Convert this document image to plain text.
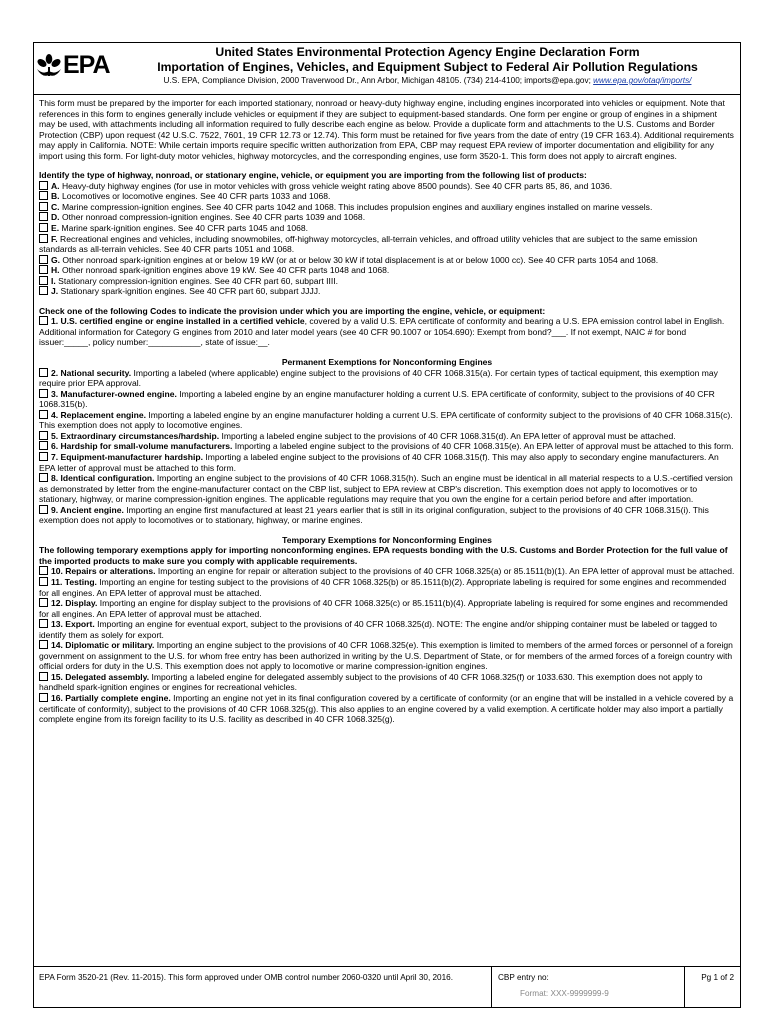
EPA	United States Environmental Protection Agency Engine Declaration Form
Importation of Engines, Vehicles, and Equipment Subject to Federal Air Pollution Regulations
U.S. EPA, Compliance Division, 2000 Traverwood Dr., Ann Arbor, Michigan 48105. (734) 214-4100; imports@epa.gov; www.epa.gov/otaq/imports/

This form must be prepared by the importer for each imported stationary, nonroad or heavy-duty highway engine, including engines incorporated into vehicles or equipment. Note that references in this form to engines generally include vehicles or equipment if they are subject to equipment-based standards. One form per engine or group of engines in a shipment may be used, with attachments including all information required to fully describe each engine as below. Provide a duplicate form and attachments to the U.S. Customs and Border Protection (CBP) upon request (42 U.S.C. 7522, 7601, 19 CFR 12.73 or 12.74). This form must be retained for five years from the date of entry (19 CFR 163.4). Additional requirements may apply in California. NOTE: While certain imports require specific written authorization from EPA, CBP may request EPA review of importer documentation and eligibility for any import using this form. For light-duty motor vehicles, highway motorcycles, and the corresponding engines, use form 3520-1. This form does not apply to aircraft engines.

Identify the type of highway, nonroad, or stationary engine, vehicle, or equipment you are importing from the following list of products:

A. Heavy-duty highway engines (for use in motor vehicles with gross vehicle weight rating above 8500 pounds). See 40 CFR parts 85, 86, and 1036.

B. Locomotives or locomotive engines. See 40 CFR parts 1033 and 1068.

C. Marine compression-ignition engines. See 40 CFR parts 1042 and 1068. This includes propulsion engines and auxiliary engines installed on marine vessels.

D. Other nonroad compression-ignition engines. See 40 CFR parts 1039 and 1068.

E. Marine spark-ignition engines. See 40 CFR parts 1045 and 1068.

F. Recreational engines and vehicles, including snowmobiles, off-highway motorcycles, all-terrain vehicles, and offroad utility vehicles that are subject to the same emission standards as all-terrain vehicles. See 40 CFR parts 1051 and 1068.

G. Other nonroad spark-ignition engines at or below 19 kW (or at or below 30 kW if total displacement is at or below 1000 cc). See 40 CFR parts 1054 and 1068.

H. Other nonroad spark-ignition engines above 19 kW. See 40 CFR parts 1048 and 1068.

I. Stationary compression-ignition engines. See 40 CFR part 60, subpart IIII.

J. Stationary spark-ignition engines. See 40 CFR part 60, subpart JJJJ.

Check one of the following Codes to indicate the provision under which you are importing the engine, vehicle, or equipment:

1. U.S. certified engine or engine installed in a certified vehicle, covered by a valid U.S. EPA certificate of conformity and bearing a U.S. EPA emission control label in English. Additional information for Category G engines from 2010 and later model years (see 40 CFR 90.1007 or 1054.690): Exempt from bond?___. If not exempt, NAIC # for bond issuer:_____, policy number:___________, state of issue:__.

Permanent Exemptions for Nonconforming Engines

2. National security. Importing a labeled (where applicable) engine subject to the provisions of 40 CFR 1068.315(a). For certain types of tactical equipment, this exemption may require prior EPA approval.

3. Manufacturer-owned engine. Importing a labeled engine by an engine manufacturer holding a current U.S. EPA certificate of conformity, subject to the provisions of 40 CFR 1068.315(b).

4. Replacement engine. Importing a labeled engine by an engine manufacturer holding a current U.S. EPA certificate of conformity subject to the provisions of 40 CFR 1068.315(c). This exemption does not apply to locomotive engines.

5. Extraordinary circumstances/hardship. Importing a labeled engine subject to the provisions of 40 CFR 1068.315(d). An EPA letter of approval must be attached.

6. Hardship for small-volume manufacturers. Importing a labeled engine subject to the provisions of 40 CFR 1068.315(e). An EPA letter of approval must be attached to this form.

7. Equipment-manufacturer hardship. Importing a labeled engine subject to the provisions of 40 CFR 1068.315(f). This may also apply to secondary engine manufacturers. An EPA letter of approval must be attached to this form.

8. Identical configuration. Importing an engine subject to the provisions of 40 CFR 1068.315(h). Such an engine must be identical in all material respects to a U.S.-certified version as demonstrated by letter from the engine-manufacturer contact on the CBP list, subject to EPA review at CBP's discretion. This exemption does not apply to locomotives or to stationary, highway, or marine compression-ignition engines. The applicable regulations may require that you own the engine for a certain period before and after importation.

9. Ancient engine. Importing an engine first manufactured at least 21 years earlier that is still in its original configuration, subject to the provisions of 40 CFR 1068.315(i). This exemption does not apply to locomotives or to stationary, highway, or marine engines.

Temporary Exemptions for Nonconforming Engines

The following temporary exemptions apply for importing nonconforming engines. EPA requests bonding with the U.S. Customs and Border Protection for the full value of the imported products to make sure you comply with applicable requirements.

10. Repairs or alterations. Importing an engine for repair or alteration subject to the provisions of 40 CFR 1068.325(a) or 85.1511(b)(1). An EPA letter of approval must be attached.

11. Testing. Importing an engine for testing subject to the provisions of 40 CFR 1068.325(b) or 85.1511(b)(2). Appropriate labeling is required for some engines and recommended for all engines. An EPA letter of approval must be attached.

12. Display. Importing an engine for display subject to the provisions of 40 CFR 1068.325(c) or 85.1511(b)(4). Appropriate labeling is required for some engines and recommended for all engines. An EPA letter of approval must be attached.

13. Export. Importing an engine for eventual export, subject to the provisions of 40 CFR 1068.325(d). NOTE: The engine and/or shipping container must be labeled or tagged to identify them as solely for export.

14. Diplomatic or military. Importing an engine subject to the provisions of 40 CFR 1068.325(e). This exemption is limited to members of the armed forces or personnel of a foreign government on assignment to the U.S. for whom free entry has been authorized in writing by the U.S. Department of State, or for members of the armed forces of a foreign country with official orders for duty in the U.S. This exemption does not apply to locomotive or marine compression-ignition engines.

15. Delegated assembly. Importing a labeled engine for delegated assembly subject to the provisions of 40 CFR 1068.325(f) or 1033.630. This exemption does not apply to handheld spark-ignition engines or engines for recreational vehicles.

16. Partially complete engine. Importing an engine not yet in its final configuration covered by a certificate of conformity (or an engine that will be installed in a vehicle covered by a certificate of conformity), subject to the provisions of 40 CFR 1068.325(g). This also applies to an engine covered by a valid exemption. A certificate holder may also import a partially complete engine from its foreign facility to its U.S. facility as described in 40 CFR 1068.325(g).

EPA Form 3520-21 (Rev. 11-2015). This form approved under OMB control number 2060-0320 until April 30, 2016.	CBP entry no:
Format: XXX-9999999-9
Pg 1 of 2
